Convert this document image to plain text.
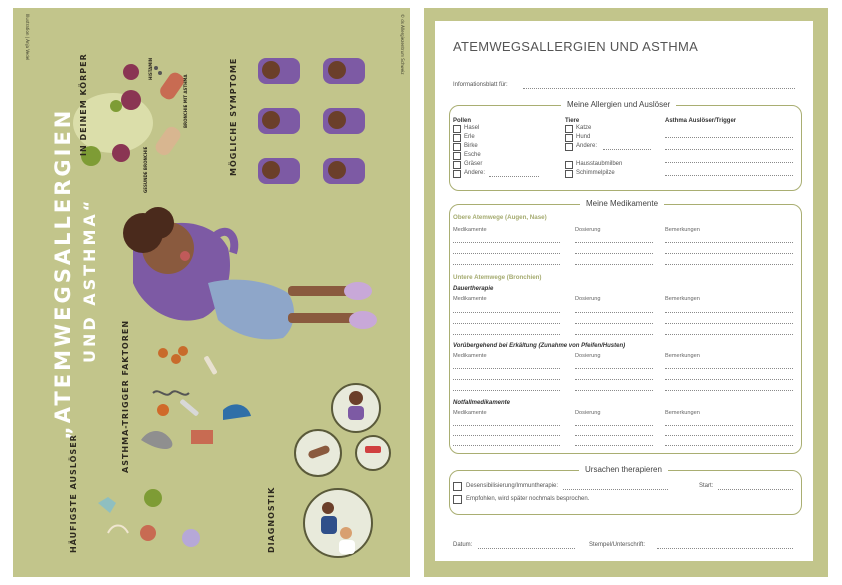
„ATEMWEGSALLERGIEN UND ASTHMA“
IN DEINEM KÖRPER	MÖGLICHE SYMPTOME
HÄUFIGSTE AUSLÖSER
ASTHMA-TRIGGER FAKTOREN
DIAGNOSTIK
GESUNDE BRONCHIE
BRONCHIE MIT ASTHMA
HISTAMIN
Illustration | Anja Vedel	© ds Allergiezentrum Schweiz	ATEMWEGSALLERGIEN UND ASTHMA
Informationsblatt für:
Meine Allergien und Auslöser
Pollen
Hasel
Erle
Birke
Esche
Gräser
Andere:
Tiere
Katze
Hund
Andere:
Hausstaubmilben
Schimmelpilze
Asthma Auslöser/Trigger
Meine Medikamente
Obere Atemwege (Augen, Nase)
Medikamente	Dosierung	Bemerkungen
Untere Atemwege (Bronchien)
Dauertherapie
Medikamente	Dosierung	Bemerkungen
Vorübergehend bei Erkältung (Zunahme von Pfeifen/Husten)
Medikamente	Dosierung	Bemerkungen
Notfallmedikamente
Medikamente	Dosierung	Bemerkungen
Ursachen therapieren
Desensibilisierung/Immuntherapie:	Start:
Empfohlen, wird später nochmals besprochen.
Datum:	Stempel/Unterschrift:
